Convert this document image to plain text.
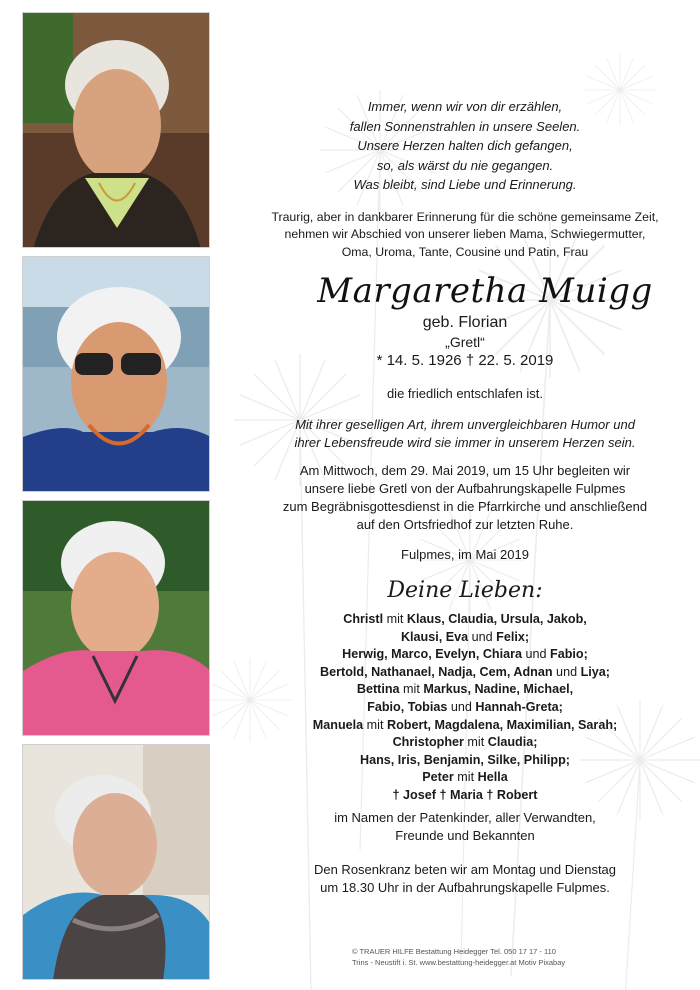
Immer, wenn wir von dir erzählen,
fallen Sonnenstrahlen in unsere Seelen.
Unsere Herzen halten dich gefangen,
so, als wärst du nie gegangen.
Was bleibt, sind Liebe und Erinnerung.
Traurig, aber in dankbarer Erinnerung für die schöne gemeinsame Zeit,
nehmen wir Abschied von unserer lieben Mama, Schwiegermutter,
Oma, Uroma, Tante, Cousine und Patin, Frau
Margaretha Muigg
geb. Florian
„Gretl“
* 14. 5. 1926 † 22. 5. 2019
die friedlich entschlafen ist.
Mit ihrer geselligen Art, ihrem unvergleichbaren Humor und
ihrer Lebensfreude wird sie immer in unserem Herzen sein.
Am Mittwoch, dem 29. Mai 2019, um 15 Uhr begleiten wir
unsere liebe Gretl von der Aufbahrungskapelle Fulpmes
zum Begräbnisgottesdienst in die Pfarrkirche und anschließend
auf den Ortsfriedhof zur letzten Ruhe.
Fulpmes, im Mai 2019
Deine Lieben:
Christl mit Klaus, Claudia, Ursula, Jakob,
Klausi, Eva und Felix;
Herwig, Marco, Evelyn, Chiara und Fabio;
Bertold, Nathanael, Nadja, Cem, Adnan und Liya;
Bettina mit Markus, Nadine, Michael,
Fabio, Tobias und Hannah-Greta;
Manuela mit Robert, Magdalena, Maximilian, Sarah;
Christopher mit Claudia;
Hans, Iris, Benjamin, Silke, Philipp;
Peter mit Hella
† Josef † Maria † Robert
im Namen der Patenkinder, aller Verwandten,
Freunde und Bekannten
Den Rosenkranz beten wir am Montag und Dienstag
um 18.30 Uhr in der Aufbahrungskapelle Fulpmes.
© TRAUER HILFE Bestattung Heidegger Tel. 050 17 17 - 110
Trins - Neustift i. St. www.bestattung-heidegger.at Motiv Pixabay
